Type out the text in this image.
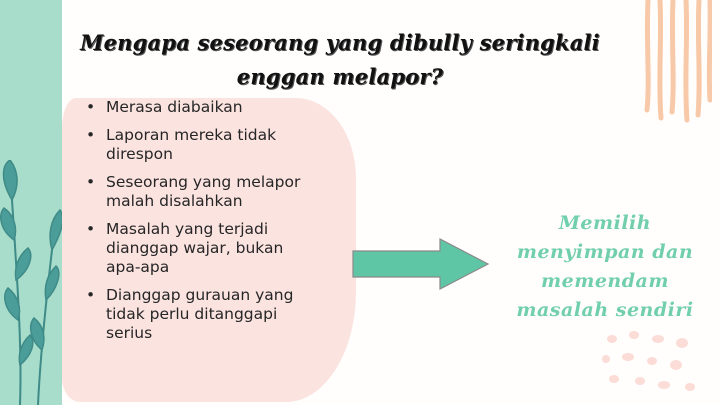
Mengapa seseorang yang dibully seringkali enggan melapor?
• Merasa diabaikan
• Laporan mereka tidak direspon
• Seseorang yang melapor malah disalahkan
• Masalah yang terjadi dianggap wajar, bukan apa-apa
• Dianggap gurauan yang tidak perlu ditanggapi serius

Memilih menyimpan dan memendam masalah sendiri
